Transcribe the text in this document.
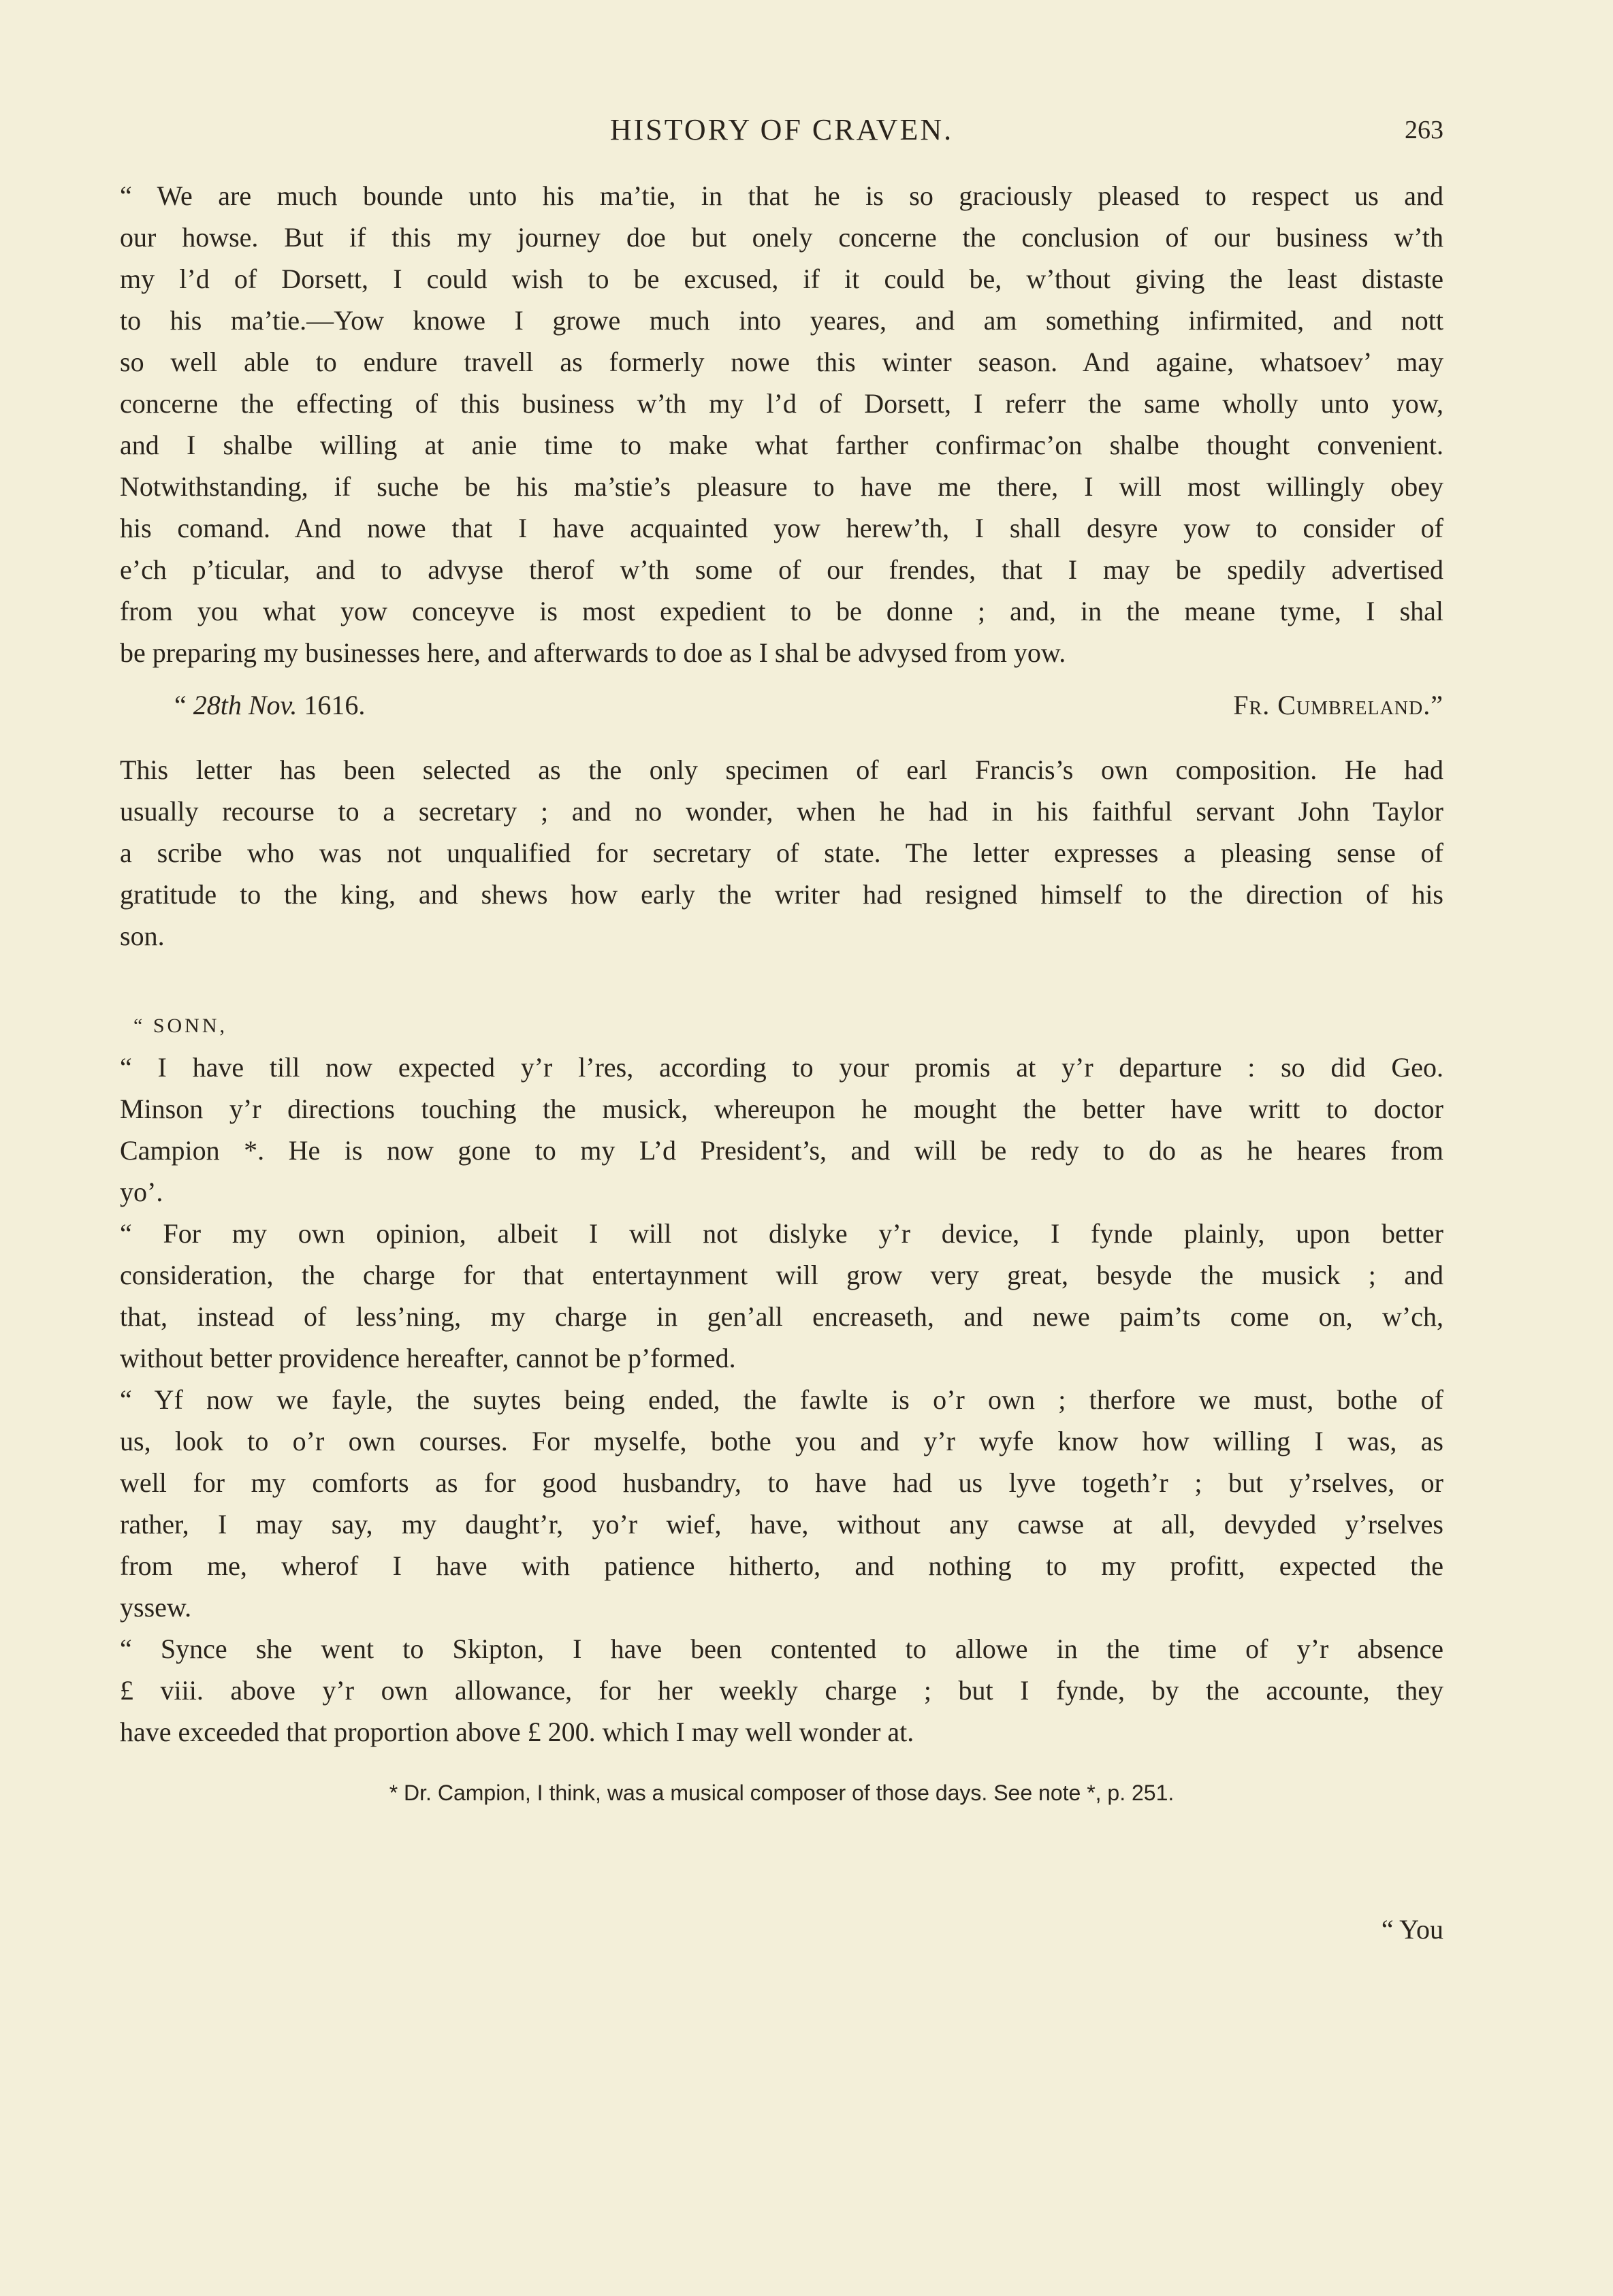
HISTORY OF CRAVEN.	263

“ We are much bounde unto his ma’tie, in that he is so graciously pleased to respect us and

our howse. But if this my journey doe but onely concerne the conclusion of our business w’th

my l’d of Dorsett, I could wish to be excused, if it could be, w’thout giving the least distaste

to his ma’tie.—Yow knowe I growe much into yeares, and am something infirmited, and nott

so well able to endure travell as formerly nowe this winter season. And againe, whatsoev’ may

concerne the effecting of this business w’th my l’d of Dorsett, I referr the same wholly unto yow,

and I shalbe willing at anie time to make what farther confirmac’on shalbe thought convenient.

Notwithstanding, if suche be his ma’stie’s pleasure to have me there, I will most willingly obey

his comand. And nowe that I have acquainted yow herew’th, I shall desyre yow to consider of

e’ch p’ticular, and to advyse therof w’th some of our frendes, that I may be spedily advertised

from you what yow conceyve is most expedient to be donne ; and, in the meane tyme, I shal

be preparing my businesses here, and afterwards to doe as I shal be advysed from yow.

“ 28th Nov. 1616.	Fr. Cumbreland.”

This letter has been selected as the only specimen of earl Francis’s own composition. He had

usually recourse to a secretary ; and no wonder, when he had in his faithful servant John Taylor

a scribe who was not unqualified for secretary of state. The letter expresses a pleasing sense of

gratitude to the king, and shews how early the writer had resigned himself to the direction of his

son.

“ SONN,

“ I have till now expected y’r l’res, according to your promis at y’r departure : so did Geo.

Minson y’r directions touching the musick, whereupon he mought the better have writt to doctor

Campion *. He is now gone to my L’d President’s, and will be redy to do as he heares from

yo’.

“ For my own opinion, albeit I will not dislyke y’r device, I fynde plainly, upon better

consideration, the charge for that entertaynment will grow very great, besyde the musick ; and

that, instead of less’ning, my charge in gen’all encreaseth, and newe paim’ts come on, w’ch,

without better providence hereafter, cannot be p’formed.

“ Yf now we fayle, the suytes being ended, the fawlte is o’r own ; therfore we must, bothe of

us, look to o’r own courses. For myselfe, bothe you and y’r wyfe know how willing I was, as

well for my comforts as for good husbandry, to have had us lyve togeth’r ; but y’rselves, or

rather, I may say, my daught’r, yo’r wief, have, without any cawse at all, devyded y’rselves

from me, wherof I have with patience hitherto, and nothing to my profitt, expected the

yssew.

“ Synce she went to Skipton, I have been contented to allowe in the time of y’r absence

£ viii. above y’r own allowance, for her weekly charge ; but I fynde, by the accounte, they

have exceeded that proportion above £ 200. which I may well wonder at.

* Dr. Campion, I think, was a musical composer of those days. See note *, p. 251.
“ You
